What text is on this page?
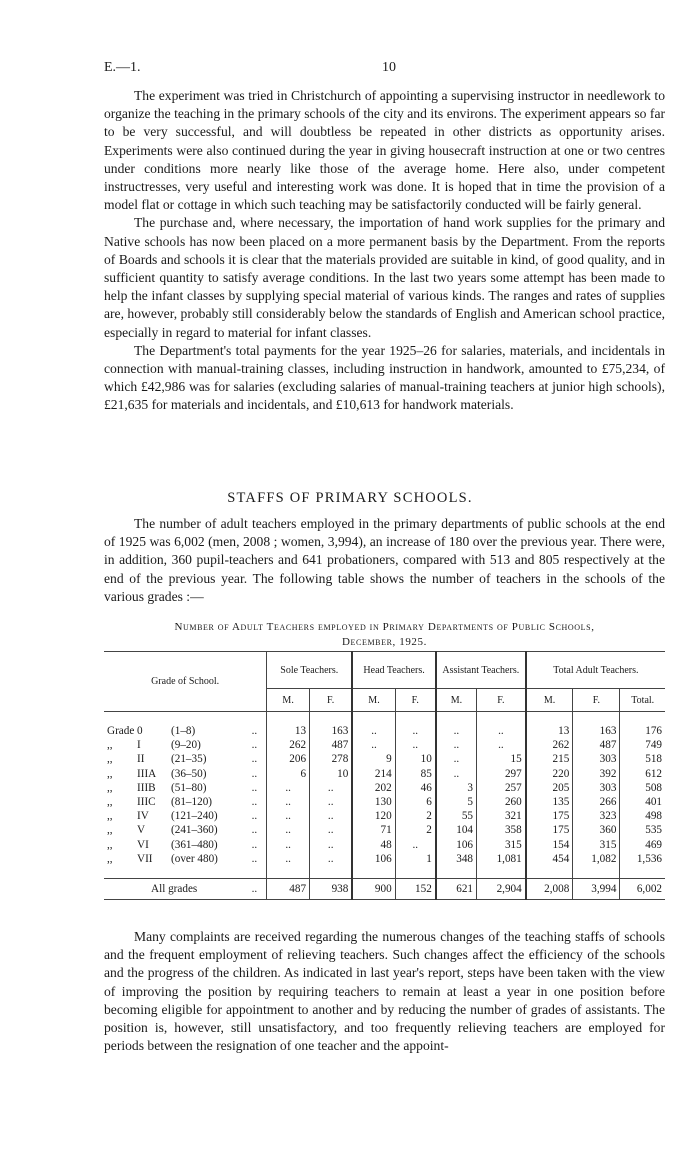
E.—1.	10

The experiment was tried in Christchurch of appointing a supervising instructor in needlework to organize the teaching in the primary schools of the city and its environs. The experiment appears so far to be very successful, and will doubtless be repeated in other districts as opportunity arises. Experiments were also continued during the year in giving housecraft instruction at one or two centres under conditions more nearly like those of the average home. Here also, under competent instructresses, very useful and interesting work was done. It is hoped that in time the provision of a model flat or cottage in which such teaching may be satisfactorily conducted will be fairly general.

The purchase and, where necessary, the importation of hand work supplies for the primary and Native schools has now been placed on a more permanent basis by the Department. From the reports of Boards and schools it is clear that the materials provided are suitable in kind, of good quality, and in sufficient quantity to satisfy average conditions. In the last two years some attempt has been made to help the infant classes by supplying special material of various kinds. The ranges and rates of supplies are, however, probably still considerably below the standards of English and American school practice, especially in regard to material for infant classes.

The Department's total payments for the year 1925–26 for salaries, materials, and incidentals in connection with manual-training classes, including instruction in handwork, amounted to £75,234, of which £42,986 was for salaries (excluding salaries of manual-training teachers at junior high schools), £21,635 for materials and incidentals, and £10,613 for handwork materials.

STAFFS OF PRIMARY SCHOOLS.

The number of adult teachers employed in the primary departments of public schools at the end of 1925 was 6,002 (men, 2008 ; women, 3,994), an increase of 180 over the previous year. There were, in addition, 360 pupil-teachers and 641 probationers, compared with 513 and 805 respectively at the end of the previous year. The following table shows the number of teachers in the schools of the various grades :—

Number of Adult Teachers employed in Primary Departments of Public Schools,
December, 1925.
Grade of School.	Sole Teachers.		Head Teachers.		Assistant Teachers.		Total Adult Teachers.		
	M.	F.	M.	F.	M.	F.	M.	F.	Total.

Grade 0 (1–8) ..	13	163	..	..	..	..	13	163	176
,, I (9–20) ..	262	487	..	..	..	..	262	487	749
,, II (21–35) ..	206	278	9	10	..	15	215	303	518
,, IIIA (36–50) ..	6	10	214	85	..	297	220	392	612
,, IIIB (51–80) ..	..	..	202	46	3	257	205	303	508
,, IIIC (81–120) ..	..	..	130	6	5	260	135	266	401
,, IV (121–240) ..	..	..	120	2	55	321	175	323	498
,, V (241–360) ..	..	..	71	2	104	358	175	360	535
,, VI (361–480) ..	..	..	48	..	106	315	154	315	469
,, VII (over 480) ..	..	..	106	1	348	1,081	454	1,082	1,536

All grades ..	487	938	900	152	621	2,904	2,008	3,994	6,002

Many complaints are received regarding the numerous changes of the teaching staffs of schools and the frequent employment of relieving teachers. Such changes affect the efficiency of the schools and the progress of the children. As indicated in last year's report, steps have been taken with the view of improving the position by requiring teachers to remain at least a year in one position before becoming eligible for appointment to another and by reducing the number of grades of assistants. The position is, however, still unsatisfactory, and too frequently relieving teachers are employed for periods between the resignation of one teacher and the appoint-
